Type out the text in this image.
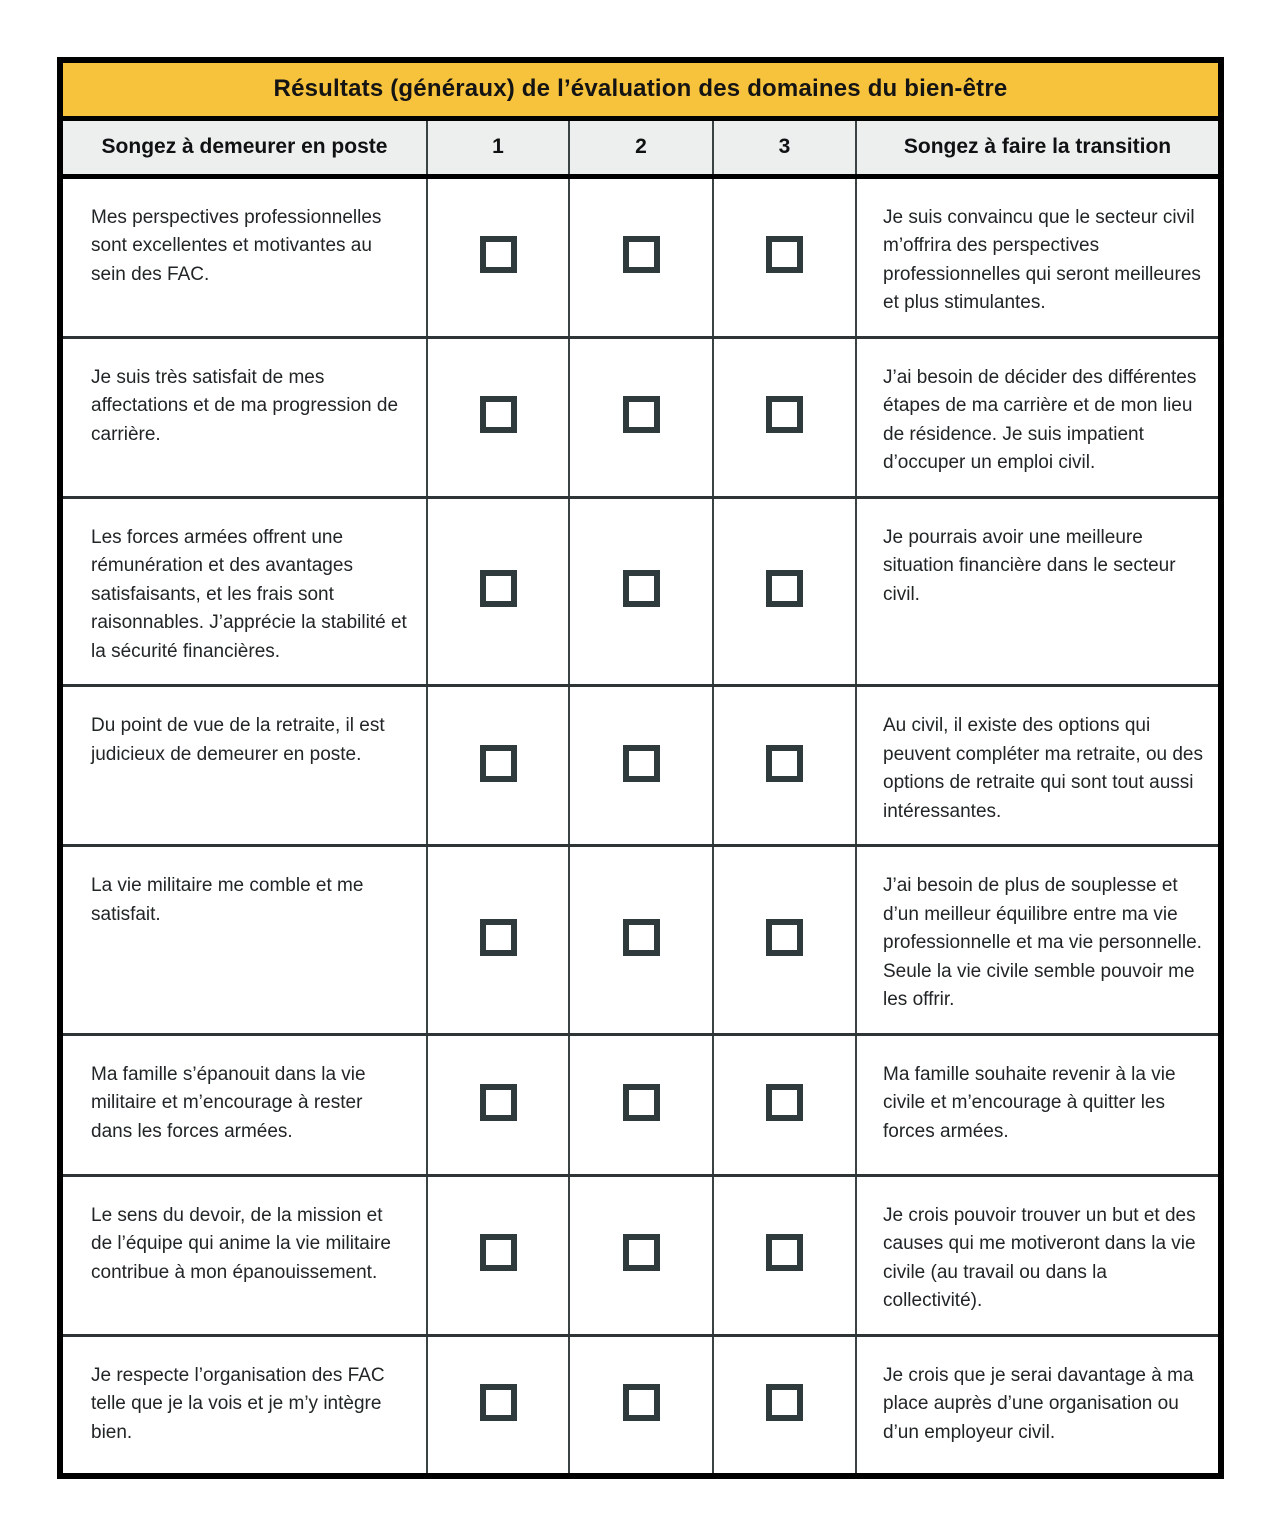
Résultats (généraux) de l’évaluation des domaines du bien-être				
Songez à demeurer en poste	1	2	3	Songez à faire la transition
Mes perspectives professionnelles sont excellentes et motivantes au sein des FAC.				Je suis convaincu que le secteur civil m’offrira des perspectives professionnelles qui seront meilleures et plus stimulantes.
Je suis très satisfait de mes affectations et de ma progression de carrière.				J’ai besoin de décider des différentes étapes de ma carrière et de mon lieu de résidence. Je suis impatient d’occuper un emploi civil.
Les forces armées offrent une rémunération et des avantages satisfaisants, et les frais sont raisonnables. J’apprécie la stabilité et la sécurité financières.				Je pourrais avoir une meilleure situation financière dans le secteur civil.
Du point de vue de la retraite, il est judicieux de demeurer en poste.				Au civil, il existe des options qui peuvent compléter ma retraite, ou des options de retraite qui sont tout aussi intéressantes.
La vie militaire me comble et me satisfait.				J’ai besoin de plus de souplesse et d’un meilleur équilibre entre ma vie professionnelle et ma vie personnelle. Seule la vie civile semble pouvoir me les offrir.
Ma famille s’épanouit dans la vie militaire et m’encourage à rester dans les forces armées.				Ma famille souhaite revenir à la vie civile et m’encourage à quitter les forces armées.
Le sens du devoir, de la mission et de l’équipe qui anime la vie militaire contribue à mon épanouissement.				Je crois pouvoir trouver un but et des causes qui me motiveront dans la vie civile (au travail ou dans la collectivité).
Je respecte l’organisation des FAC telle que je la vois et je m’y intègre bien.				Je crois que je serai davantage à ma place auprès d’une organisation ou d’un employeur civil.
